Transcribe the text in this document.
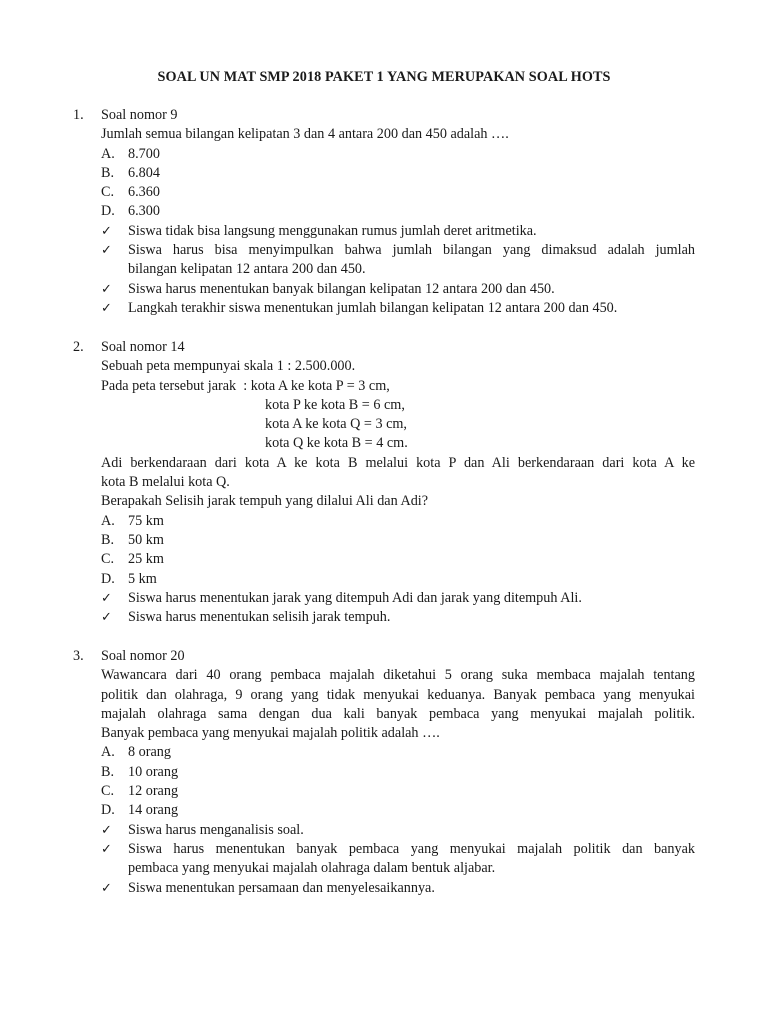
SOAL UN MAT SMP 2018 PAKET 1 YANG MERUPAKAN SOAL HOTS
1. Soal nomor 9
Jumlah semua bilangan kelipatan 3 dan 4 antara 200 dan 450 adalah ….
A. 8.700
B. 6.804
C. 6.360
D. 6.300
✓ Siswa tidak bisa langsung menggunakan rumus jumlah deret aritmetika.
✓ Siswa harus bisa menyimpulkan bahwa jumlah bilangan yang dimaksud adalah jumlah
bilangan kelipatan 12 antara 200 dan 450.
✓ Siswa harus menentukan banyak bilangan kelipatan 12 antara 200 dan 450.
✓ Langkah terakhir siswa menentukan jumlah bilangan kelipatan 12 antara 200 dan 450.
2. Soal nomor 14
Sebuah peta mempunyai skala 1 : 2.500.000.
Pada peta tersebut jarak  : kota A ke kota P = 3 cm,
kota P ke kota B = 6 cm,
kota A ke kota Q = 3 cm,
kota Q ke kota B = 4 cm.
Adi berkendaraan dari kota A ke kota B melalui kota P dan Ali berkendaraan dari kota A ke
kota B melalui kota Q.
Berapakah Selisih jarak tempuh yang dilalui Ali dan Adi?
A. 75 km
B. 50 km
C. 25 km
D. 5 km
✓ Siswa harus menentukan jarak yang ditempuh Adi dan jarak yang ditempuh Ali.
✓ Siswa harus menentukan selisih jarak tempuh.
3. Soal nomor 20
Wawancara dari 40 orang pembaca majalah diketahui 5 orang suka membaca majalah tentang
politik dan olahraga, 9 orang yang tidak menyukai keduanya. Banyak pembaca yang menyukai
majalah olahraga sama dengan dua kali banyak pembaca yang menyukai majalah politik.
Banyak pembaca yang menyukai majalah politik adalah ….
A. 8 orang
B. 10 orang
C. 12 orang
D. 14 orang
✓ Siswa harus menganalisis soal.
✓ Siswa harus menentukan banyak pembaca yang menyukai majalah politik dan banyak
pembaca yang menyukai majalah olahraga dalam bentuk aljabar.
✓ Siswa menentukan persamaan dan menyelesaikannya.
